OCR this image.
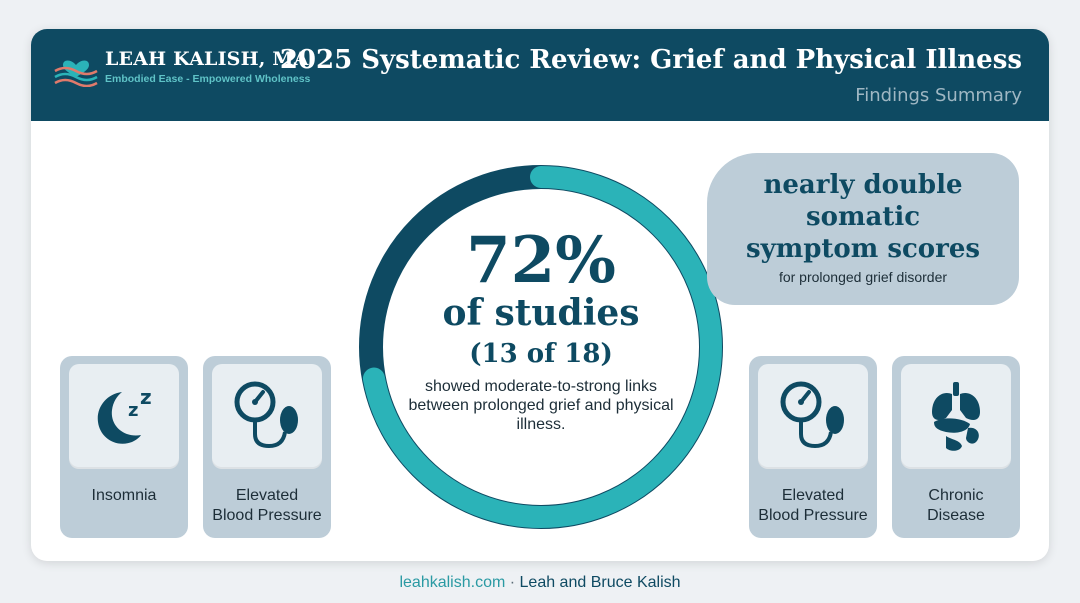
LEAH KALISH, MA
Embodied Ease - Empowered Wholeness
2025 Systematic Review: Grief and Physical Illness
Findings Summary
72%
of studies
(13 of 18)
showed moderate-to-strong links between prolonged grief and physical illness.
nearly double
somatic
symptom scores
for prolonged grief disorder
z
z
Insomnia	Elevated
Blood Pressure
Elevated
Blood Pressure
Chronic
Disease
leahkalish.com · Leah and Bruce Kalish
